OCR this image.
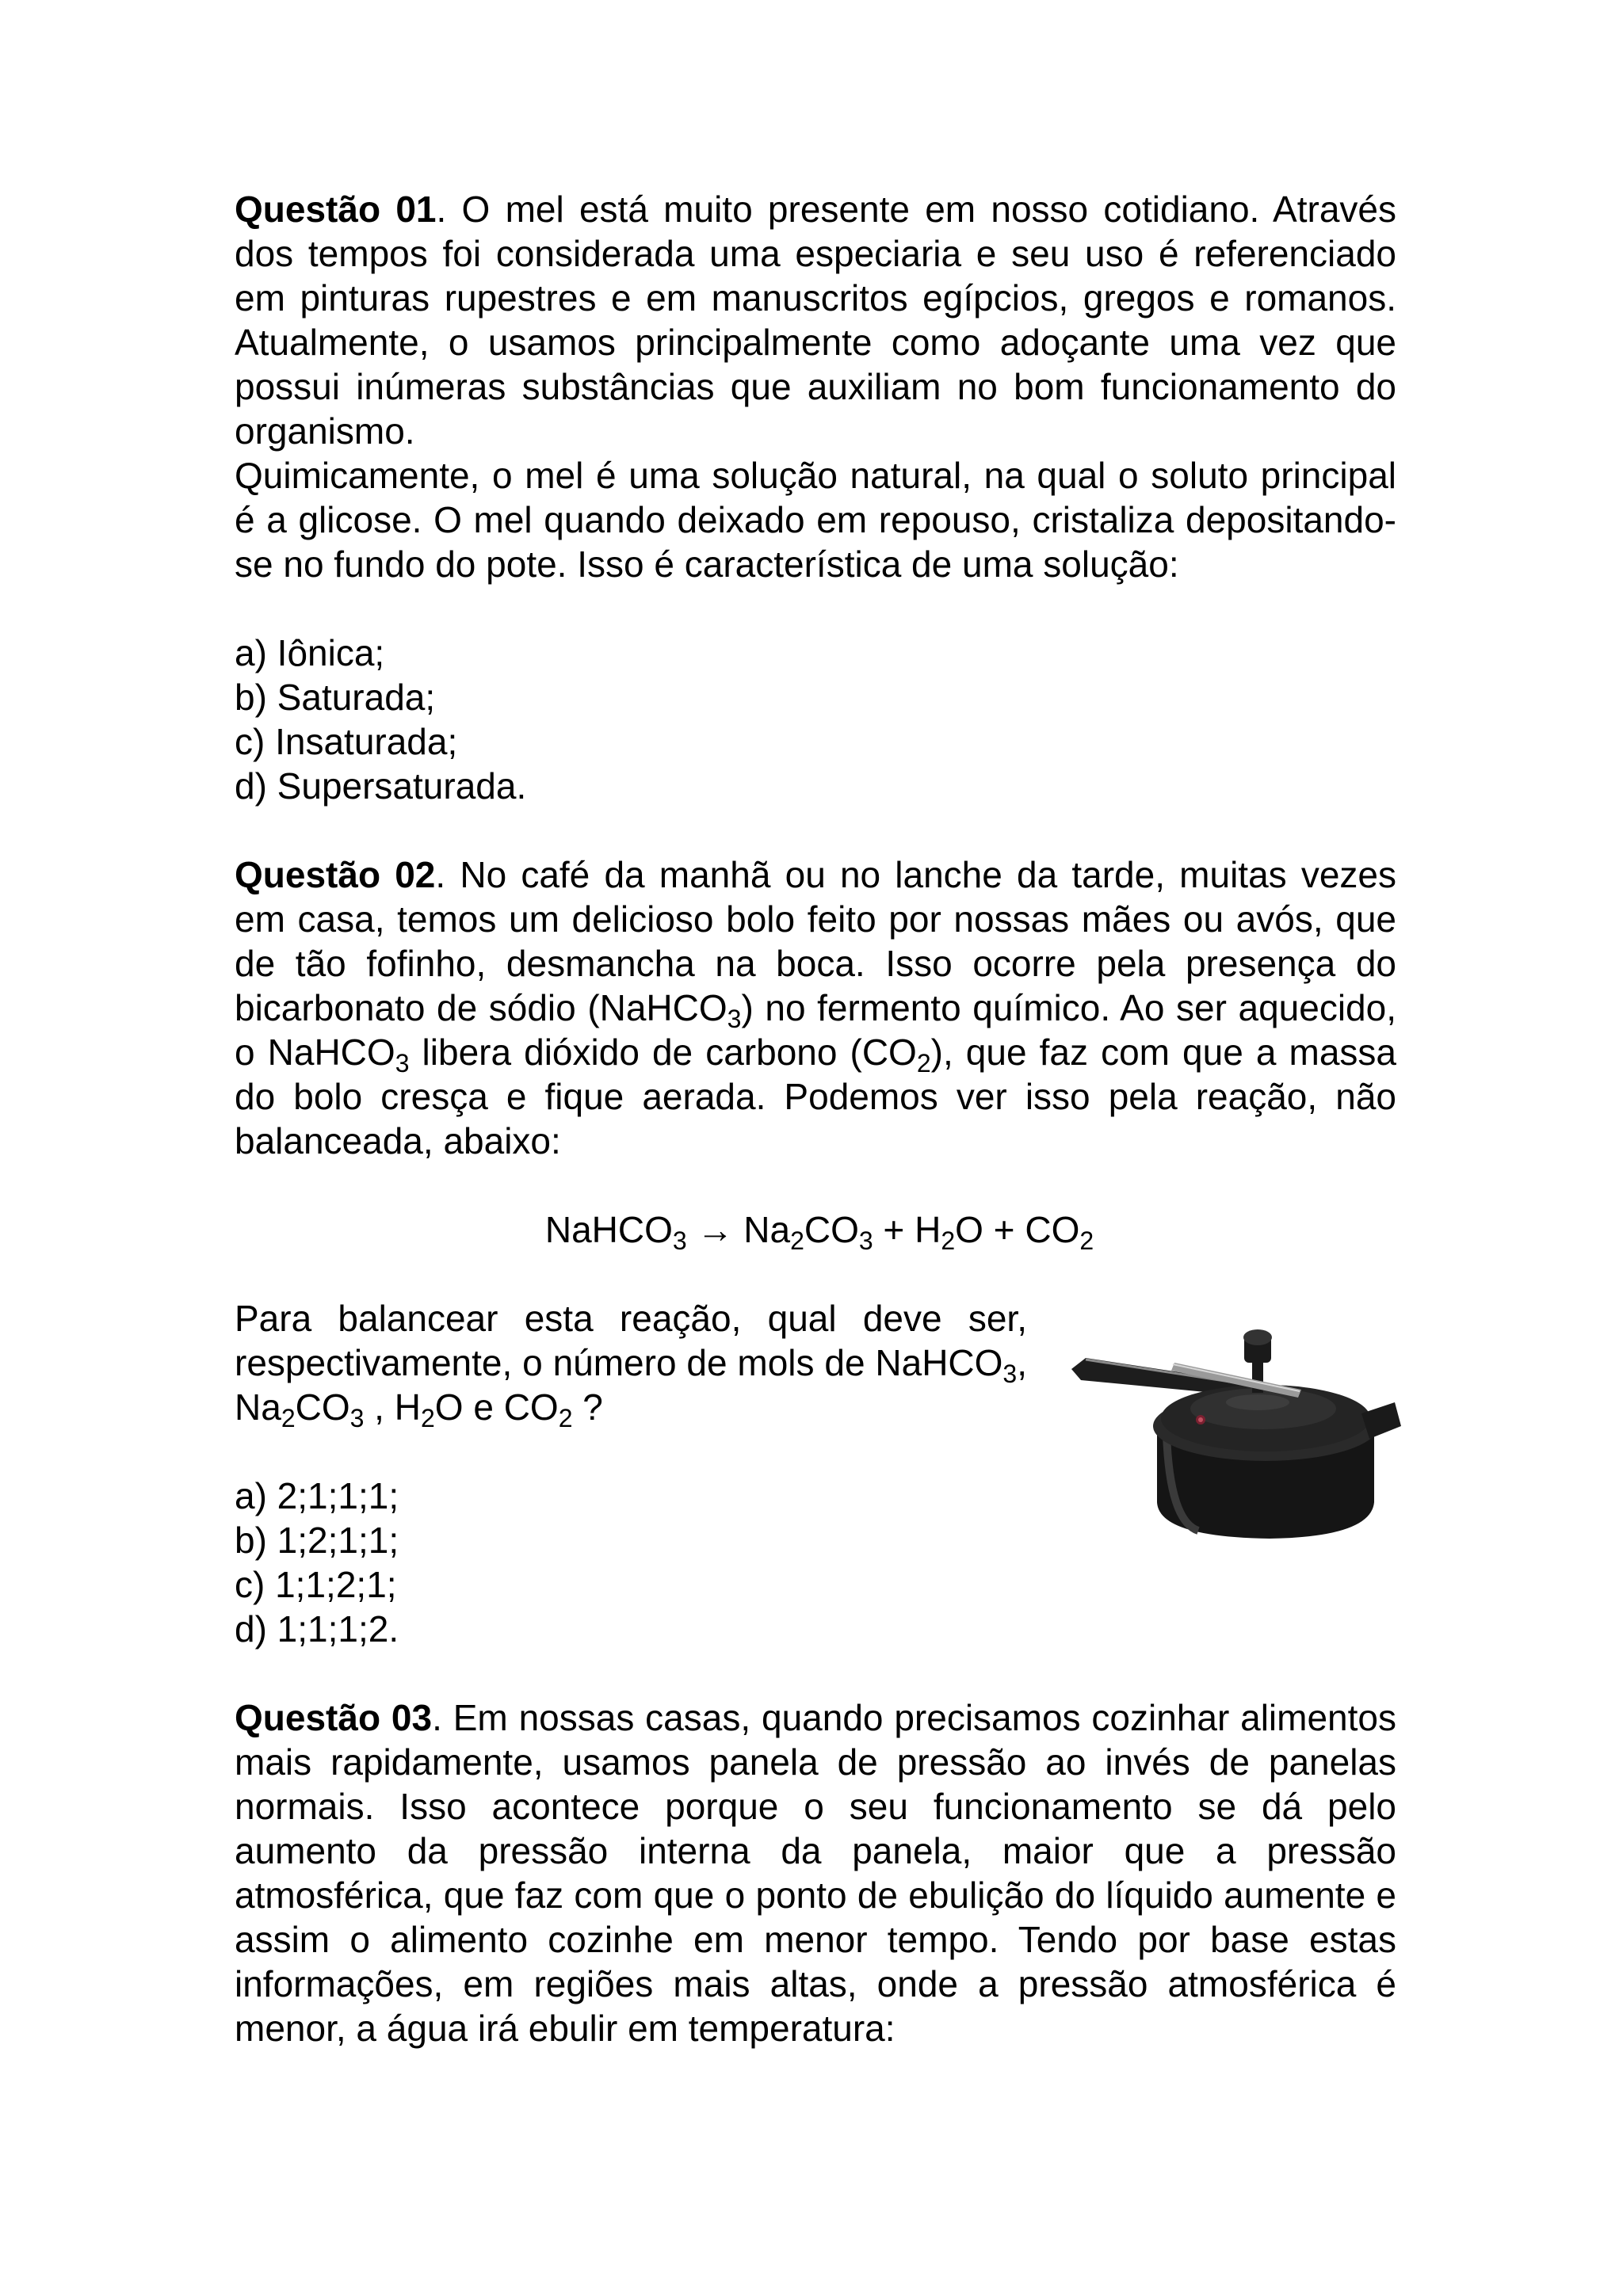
Questão 01. O mel está muito presente em nosso cotidiano. Através dos tempos foi considerada uma especiaria e seu uso é referenciado em pinturas rupestres e em manuscritos egípcios, gregos e romanos. Atualmente, o usamos principalmente como adoçante uma vez que possui inúmeras substâncias que auxiliam no bom funcionamento do organismo.

Quimicamente, o mel é uma solução natural, na qual o soluto principal é a glicose. O mel quando deixado em repouso, cristaliza depositando-se no fundo do pote. Isso é característica de uma solução:

a) Iônica;

b) Saturada;

c) Insaturada;

d) Supersaturada.

Questão 02. No café da manhã ou no lanche da tarde, muitas vezes em casa, temos um delicioso bolo feito por nossas mães ou avós, que de tão fofinho, desmancha na boca. Isso ocorre pela presença do bicarbonato de sódio (NaHCO$_3$) no fermento químico. Ao ser aquecido, o NaHCO$_3$ libera dióxido de carbono $(CO_2)$, que faz com que a massa do bolo cresça e fique aerada. Podemos ver isso pela reação, não balanceada, abaixo:

NaHCO$_3$ → $Na_2CO_3 + H_2O + CO_2$

Para balancear esta reação, qual deve ser, respectivamente, o número de mols de NaHCO$_3$, $Na_2CO_3$ , $H_2O$ e $CO_2$ ?

a) 2;1;1;1;

b) 1;2;1;1;

c) 1;1;2;1;

d) 1;1;1;2.

Questão 03. Em nossas casas, quando precisamos cozinhar alimentos mais rapidamente, usamos panela de pressão ao invés de panelas normais. Isso acontece porque o seu funcionamento se dá pelo aumento da pressão interna da panela, maior que a pressão atmosférica, que faz com que o ponto de ebulição do líquido aumente e assim o alimento cozinhe em menor tempo. Tendo por base estas informações, em regiões mais altas, onde a pressão atmosférica é menor, a água irá ebulir em temperatura:
